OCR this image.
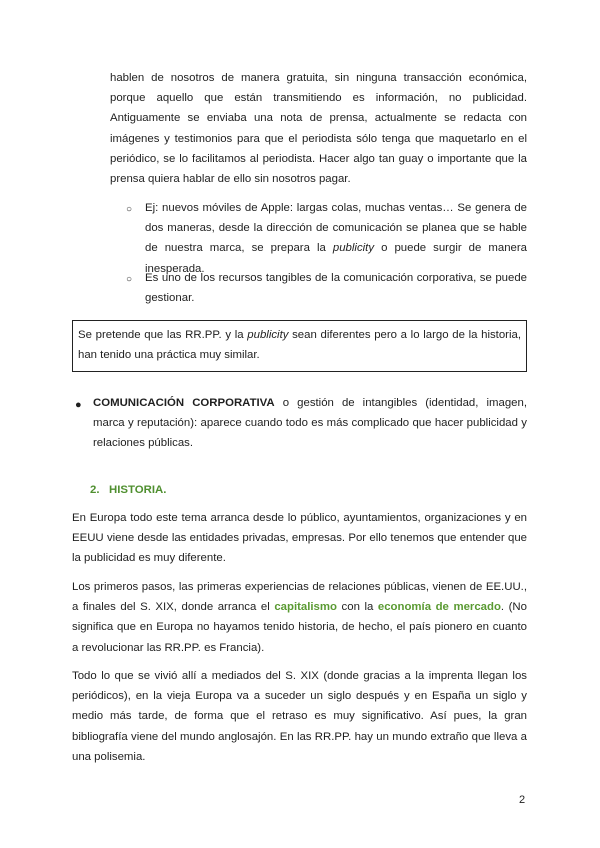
hablen de nosotros de manera gratuita, sin ninguna transacción económica, porque aquello que están transmitiendo es información, no publicidad. Antiguamente se enviaba una nota de prensa, actualmente se redacta con imágenes y testimonios para que el periodista sólo tenga que maquetarlo en el periódico, se lo facilitamos al periodista. Hacer algo tan guay o importante que la prensa quiera hablar de ello sin nosotros pagar.
○ Ej: nuevos móviles de Apple: largas colas, muchas ventas… Se genera de dos maneras, desde la dirección de comunicación se planea que se hable de nuestra marca, se prepara la publicity o puede surgir de manera inesperada.
○ Es uno de los recursos tangibles de la comunicación corporativa, se puede gestionar.
Se pretende que las RR.PP. y la publicity sean diferentes pero a lo largo de la historia, han tenido una práctica muy similar.
● COMUNICACIÓN CORPORATIVA o gestión de intangibles (identidad, imagen, marca y reputación): aparece cuando todo es más complicado que hacer publicidad y relaciones públicas.
2. HISTORIA.
En Europa todo este tema arranca desde lo público, ayuntamientos, organizaciones y en EEUU viene desde las entidades privadas, empresas. Por ello tenemos que entender que la publicidad es muy diferente.
Los primeros pasos, las primeras experiencias de relaciones públicas, vienen de EE.UU., a finales del S. XIX, donde arranca el capitalismo con la economía de mercado. (No significa que en Europa no hayamos tenido historia, de hecho, el país pionero en cuanto a revolucionar las RR.PP. es Francia).
Todo lo que se vivió allí a mediados del S. XIX (donde gracias a la imprenta llegan los periódicos), en la vieja Europa va a suceder un siglo después y en España un siglo y medio más tarde, de forma que el retraso es muy significativo. Así pues, la gran bibliografía viene del mundo anglosajón. En las RR.PP. hay un mundo extraño que lleva a una polisemia.
2
